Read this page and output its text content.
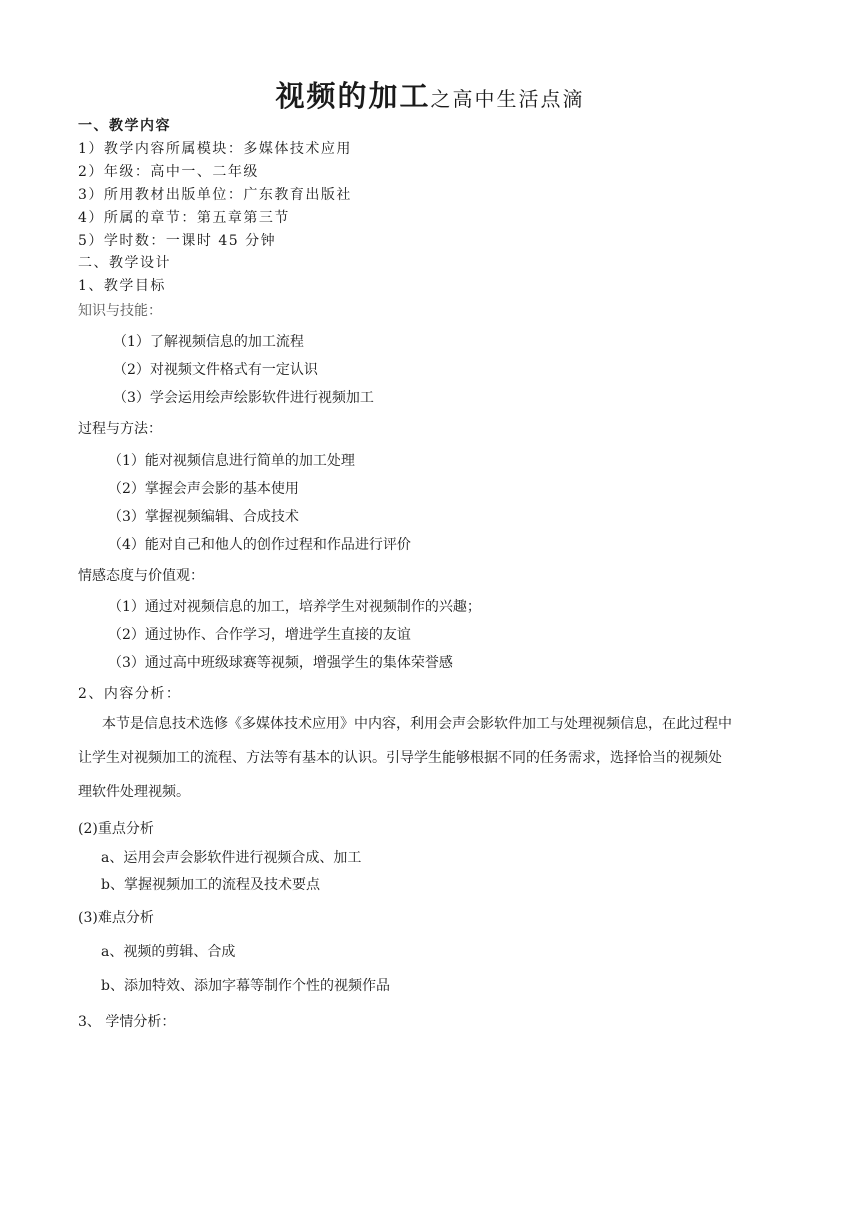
视频的加工之高中生活点滴
一、教学内容
1）教学内容所属模块：多媒体技术应用
2）年级：高中一、二年级
3）所用教材出版单位：广东教育出版社
4）所属的章节：第五章第三节
5）学时数：一课时 45 分钟
二、教学设计
1、教学目标
知识与技能：
（1）了解视频信息的加工流程
（2）对视频文件格式有一定认识
（3）学会运用绘声绘影软件进行视频加工
过程与方法：
（1）能对视频信息进行简单的加工处理
（2）掌握会声会影的基本使用
（3）掌握视频编辑、合成技术
（4）能对自己和他人的创作过程和作品进行评价
情感态度与价值观：
（1）通过对视频信息的加工，培养学生对视频制作的兴趣；
（2）通过协作、合作学习，增进学生直接的友谊
（3）通过高中班级球赛等视频，增强学生的集体荣誉感
2、内容分析：
本节是信息技术选修《多媒体技术应用》中内容，利用会声会影软件加工与处理视频信息，在此过程中
让学生对视频加工的流程、方法等有基本的认识。引导学生能够根据不同的任务需求，选择恰当的视频处
理软件处理视频。
(2)重点分析
a、运用会声会影软件进行视频合成、加工
b、掌握视频加工的流程及技术要点
(3)难点分析
a、视频的剪辑、合成
b、添加特效、添加字幕等制作个性的视频作品
3、 学情分析：
